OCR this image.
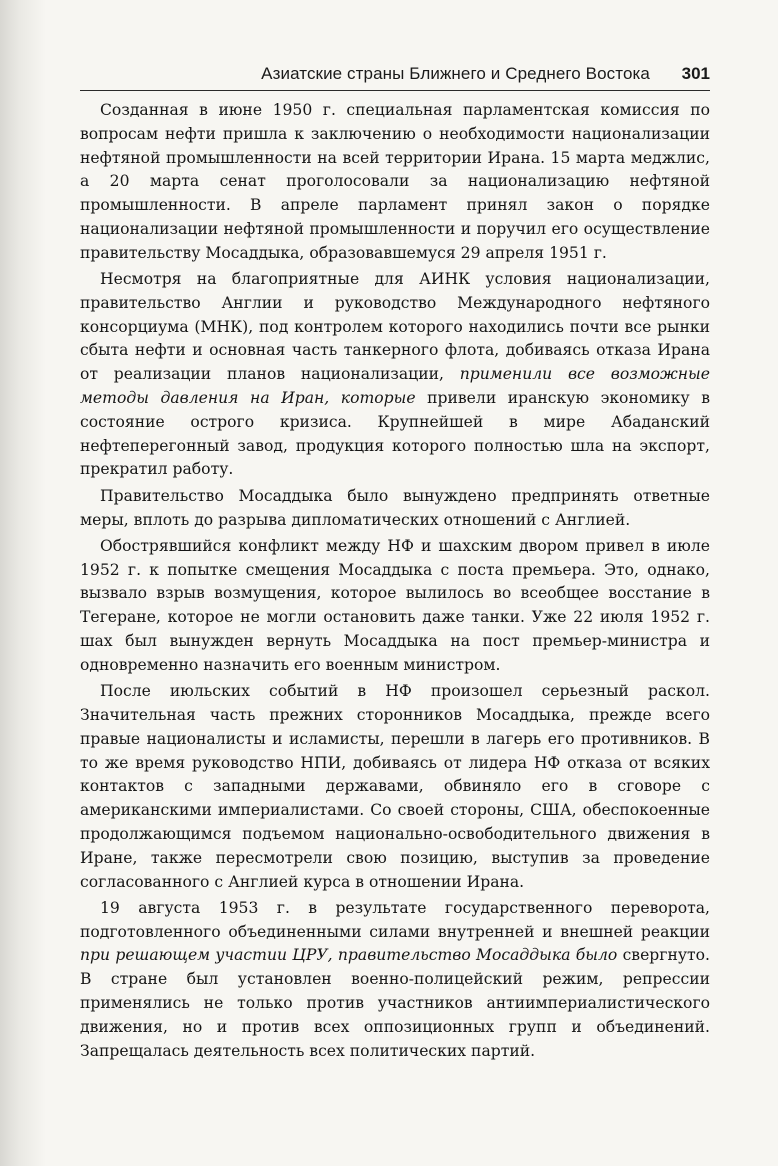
Азиатские страны Ближнего и Среднего Востока 301

Созданная в июне 1950 г. специальная парламентская комиссия по вопросам нефти пришла к заключению о необходимости национализации нефтяной промышленности на всей территории Ирана. 15 марта меджлис, а 20 марта сенат проголосовали за национализацию нефтяной промышленности. В апреле парламент принял закон о порядке национализации нефтяной промышленности и поручил его осуществление правительству Мосаддыка, образовавшемуся 29 апреля 1951 г.

Несмотря на благоприятные для АИНК условия национализации, правительство Англии и руководство Международного нефтяного консорциума (МНК), под контролем которого находились почти все рынки сбыта нефти и основная часть танкерного флота, добиваясь отказа Ирана от реализации планов национализации, применили все возможные методы давления на Иран, которые привели иранскую экономику в состояние острого кризиса. Крупнейшей в мире Абаданский нефтеперегонный завод, продукция которого полностью шла на экспорт, прекратил работу.

Правительство Мосаддыка было вынуждено предпринять ответные меры, вплоть до разрыва дипломатических отношений с Англией.

Обострявшийся конфликт между НФ и шахским двором привел в июле 1952 г. к попытке смещения Мосаддыка с поста премьера. Это, однако, вызвало взрыв возмущения, которое вылилось во всеобщее восстание в Тегеране, которое не могли остановить даже танки. Уже 22 июля 1952 г. шах был вынужден вернуть Мосаддыка на пост премьер-министра и одновременно назначить его военным министром.

После июльских событий в НФ произошел серьезный раскол. Значительная часть прежних сторонников Мосаддыка, прежде всего правые националисты и исламисты, перешли в лагерь его противников. В то же время руководство НПИ, добиваясь от лидера НФ отказа от всяких контактов с западными державами, обвиняло его в сговоре с американскими империалистами. Со своей стороны, США, обеспокоенные продолжающимся подъемом национально-освободительного движения в Иране, также пересмотрели свою позицию, выступив за проведение согласованного с Англией курса в отношении Ирана.

19 августа 1953 г. в результате государственного переворота, подготовленного объединенными силами внутренней и внешней реакции при решающем участии ЦРУ, правительство Мосаддыка было свергнуто. В стране был установлен военно-полицейский режим, репрессии применялись не только против участников антиимпериалистического движения, но и против всех оппозиционных групп и объединений. Запрещалась деятельность всех политических партий.
